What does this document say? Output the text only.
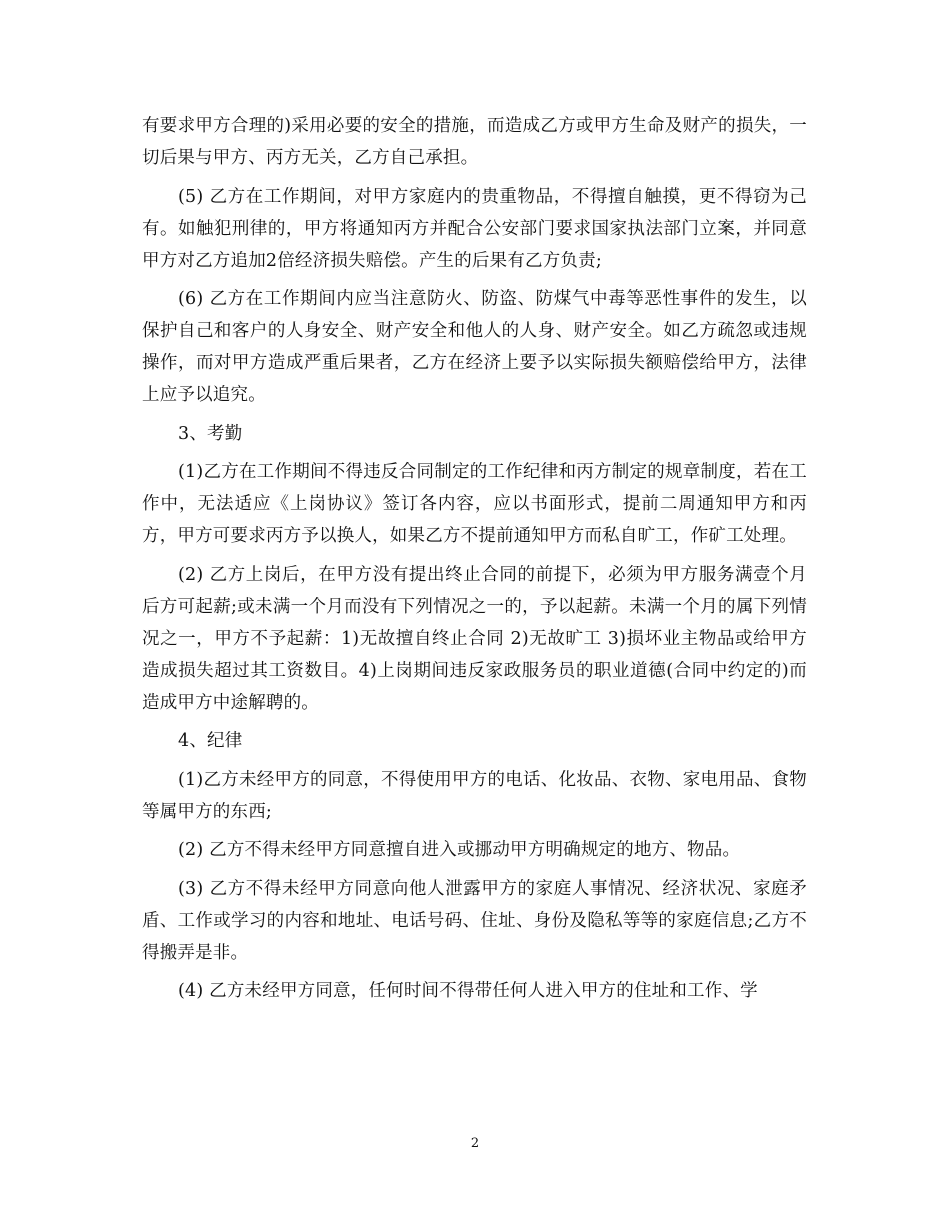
有要求甲方合理的)采用必要的安全的措施，而造成乙方或甲方生命及财产的损失，一切后果与甲方、丙方无关，乙方自己承担。

(5) 乙方在工作期间，对甲方家庭内的贵重物品，不得擅自触摸，更不得窃为己有。如触犯刑律的，甲方将通知丙方并配合公安部门要求国家执法部门立案，并同意甲方对乙方追加2倍经济损失赔偿。产生的后果有乙方负责;

(6) 乙方在工作期间内应当注意防火、防盗、防煤气中毒等恶性事件的发生，以保护自己和客户的人身安全、财产安全和他人的人身、财产安全。如乙方疏忽或违规操作，而对甲方造成严重后果者，乙方在经济上要予以实际损失额赔偿给甲方，法律上应予以追究。

3、考勤

(1)乙方在工作期间不得违反合同制定的工作纪律和丙方制定的规章制度，若在工作中，无法适应《上岗协议》签订各内容，应以书面形式，提前二周通知甲方和丙方，甲方可要求丙方予以换人，如果乙方不提前通知甲方而私自旷工，作矿工处理。

(2) 乙方上岗后，在甲方没有提出终止合同的前提下，必须为甲方服务满壹个月后方可起薪;或未满一个月而没有下列情况之一的，予以起薪。未满一个月的属下列情况之一，甲方不予起薪：1)无故擅自终止合同 2)无故旷工 3)损坏业主物品或给甲方造成损失超过其工资数目。4)上岗期间违反家政服务员的职业道德(合同中约定的)而造成甲方中途解聘的。

4、纪律

(1)乙方未经甲方的同意，不得使用甲方的电话、化妆品、衣物、家电用品、食物等属甲方的东西;

(2) 乙方不得未经甲方同意擅自进入或挪动甲方明确规定的地方、物品。

(3) 乙方不得未经甲方同意向他人泄露甲方的家庭人事情况、经济状况、家庭矛盾、工作或学习的内容和地址、电话号码、住址、身份及隐私等等的家庭信息;乙方不得搬弄是非。

(4) 乙方未经甲方同意，任何时间不得带任何人进入甲方的住址和工作、学

2
